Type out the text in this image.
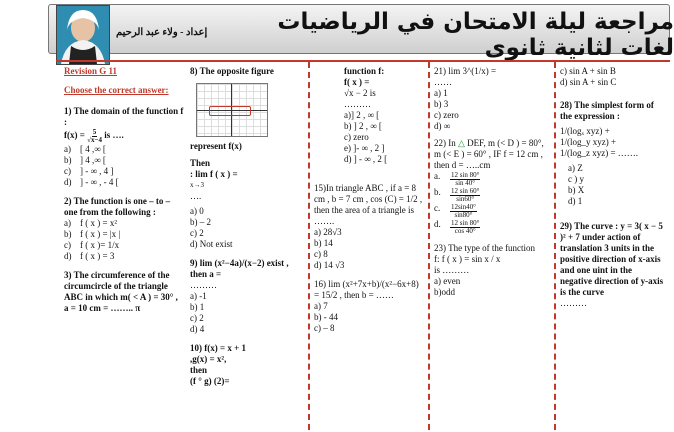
إعداد - ولاء عبد الرحيم	مراجعة ليلة الامتحان في الرياضيات لغات لثانية ثانوى
Revision G 11
Choose the correct answer:
1) The domain of the function f :
$f(x) = \frac{5}{√x-4}$ is ….
a)	[ 4 ,∞ [
b) ] 4 ,∞ [
c)	] - ∞ , 4 ]
d) ] - ∞ , - 4 [
2) The function is one – to – one from the following :
a)	f ( x ) = x²
b) f ( x ) = |x |
c)	f ( x )= 1/x
d) f ( x ) = 3
3) The circumference of the circumcircle of the triangle ABC in which m( < A ) = 30° , a = 10 cm = …….. π
8) The opposite figure
represent f(x)
Then
: lim f ( x ) =
x→3
….
a) 0
b) – 2
c) 2
d) Not exist
9) lim (x²−4a)/(x−2) exist , then a =
………
a) -1
b) 1
c) 2
d) 4
10) f(x) = x + 1
,g(x) = x²,
then
(f ° g) (2)=
function f:
f( x ) =
√x − 2 is
………
a)] 2 , ∞ [
b) ] 2 , ∞ [
c) zero
e) ]- ∞ , 2 ]
d) ] - ∞ , 2 [
15)In triangle ABC , if a = 8 cm , b = 7 cm , cos (C) = 1/2 , then the area of a triangle is …….
a) 28√3
b) 14
c) 8
d) 14 √3
16) lim (x²+7x+b)/(x²−6x+8) = 15/2 , then b = ……
a) 7
b) - 44
c) – 8
21) lim 3^(1/x) =
……
a) 1
b) 3
c) zero
d) ∞
22) In △ DEF, m (< D ) = 80°, m (< E ) = 60° , IF f = 12 cm , then d = …..cm
a.	$\frac{12 \sin 80^\circ}{\sin 40^\circ}$
b.	$\frac{12 \sin 60^\circ}{\sin 60^\circ}$
c.	$\frac{12\sin 40^\circ}{\sin 80^\circ}$
d.	$\frac{12 \sin 80^\circ}{\cos 40^\circ}$
23) The type of the function
f: f ( x ) = sin x / x
is ………
a) even
b)odd
c) sin A + sin B
d) sin A + sin C
28) The simplest form of the expression :
1/(logₓ xyz) +
1/(log_y xyz) +
1/(log_z xyz) = …….
a) Z
c ) y
b) X
d) 1
29) The curve : y = 3( x − 5 )² + 7 under action of translation 3 units in the positive direction of x-axis and one uint in the negative direction of y-axis is the curve
………
